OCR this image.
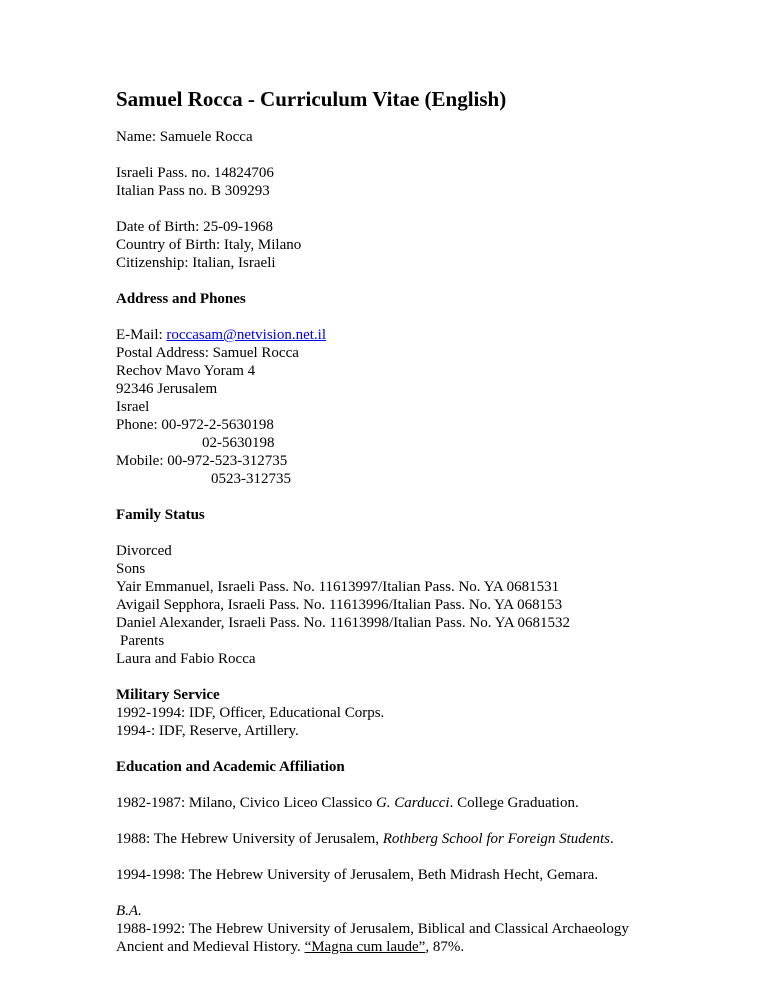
Samuel Rocca - Curriculum Vitae (English)
Name: Samuele Rocca
Israeli Pass. no. 14824706
Italian Pass no. B 309293
Date of Birth: 25-09-1968
Country of Birth: Italy, Milano
Citizenship: Italian, Israeli
Address and Phones
E-Mail: roccasam@netvision.net.il
Postal Address: Samuel Rocca
Rechov Mavo Yoram 4
92346 Jerusalem
Israel
Phone: 00-972-2-5630198
02-5630198
Mobile: 00-972-523-312735
0523-312735
Family Status
Divorced
Sons
Yair Emmanuel, Israeli Pass. No. 11613997/Italian Pass. No. YA 0681531
Avigail Sepphora, Israeli Pass. No. 11613996/Italian Pass. No. YA 068153
Daniel Alexander, Israeli Pass. No. 11613998/Italian Pass. No. YA 0681532
Parents
Laura and Fabio Rocca
Military Service
1992-1994: IDF, Officer, Educational Corps.
1994-: IDF, Reserve, Artillery.
Education and Academic Affiliation
1982-1987: Milano, Civico Liceo Classico G. Carducci. College Graduation.
1988: The Hebrew University of Jerusalem, Rothberg School for Foreign Students.
1994-1998: The Hebrew University of Jerusalem, Beth Midrash Hecht, Gemara.
B.A.
1988-1992: The Hebrew University of Jerusalem, Biblical and Classical Archaeology
Ancient and Medieval History. “Magna cum laude”, 87%.
